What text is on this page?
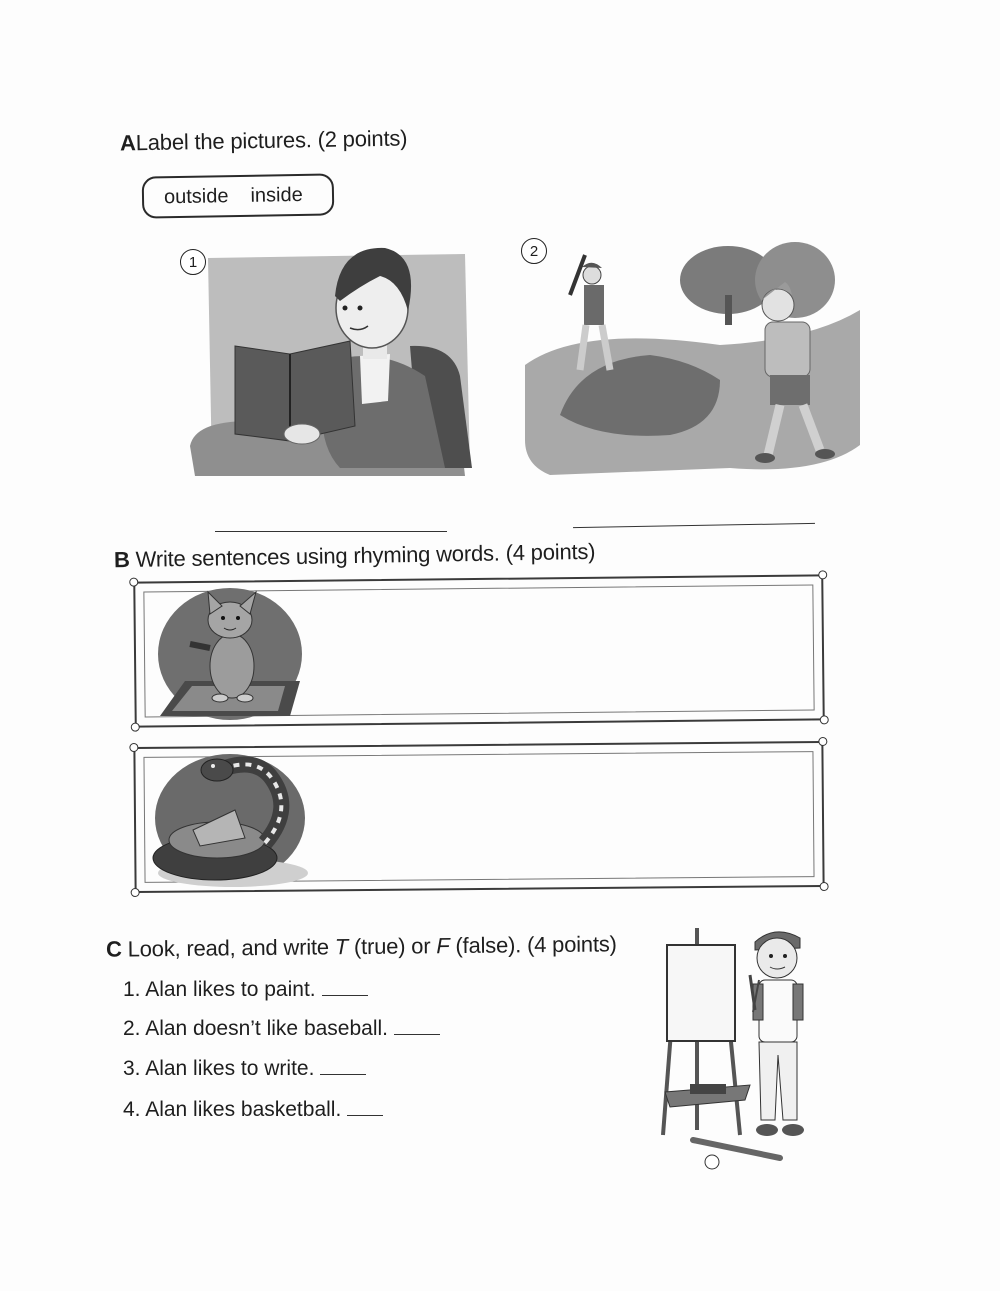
ALabel the pictures. (2 points)
outside inside
1
2
B Write sentences using rhyming words. (4 points)
C Look, read, and write T (true) or F (false). (4 points)
1. Alan likes to paint.
2. Alan doesn’t like baseball.
3. Alan likes to write.
4. Alan likes basketball.
